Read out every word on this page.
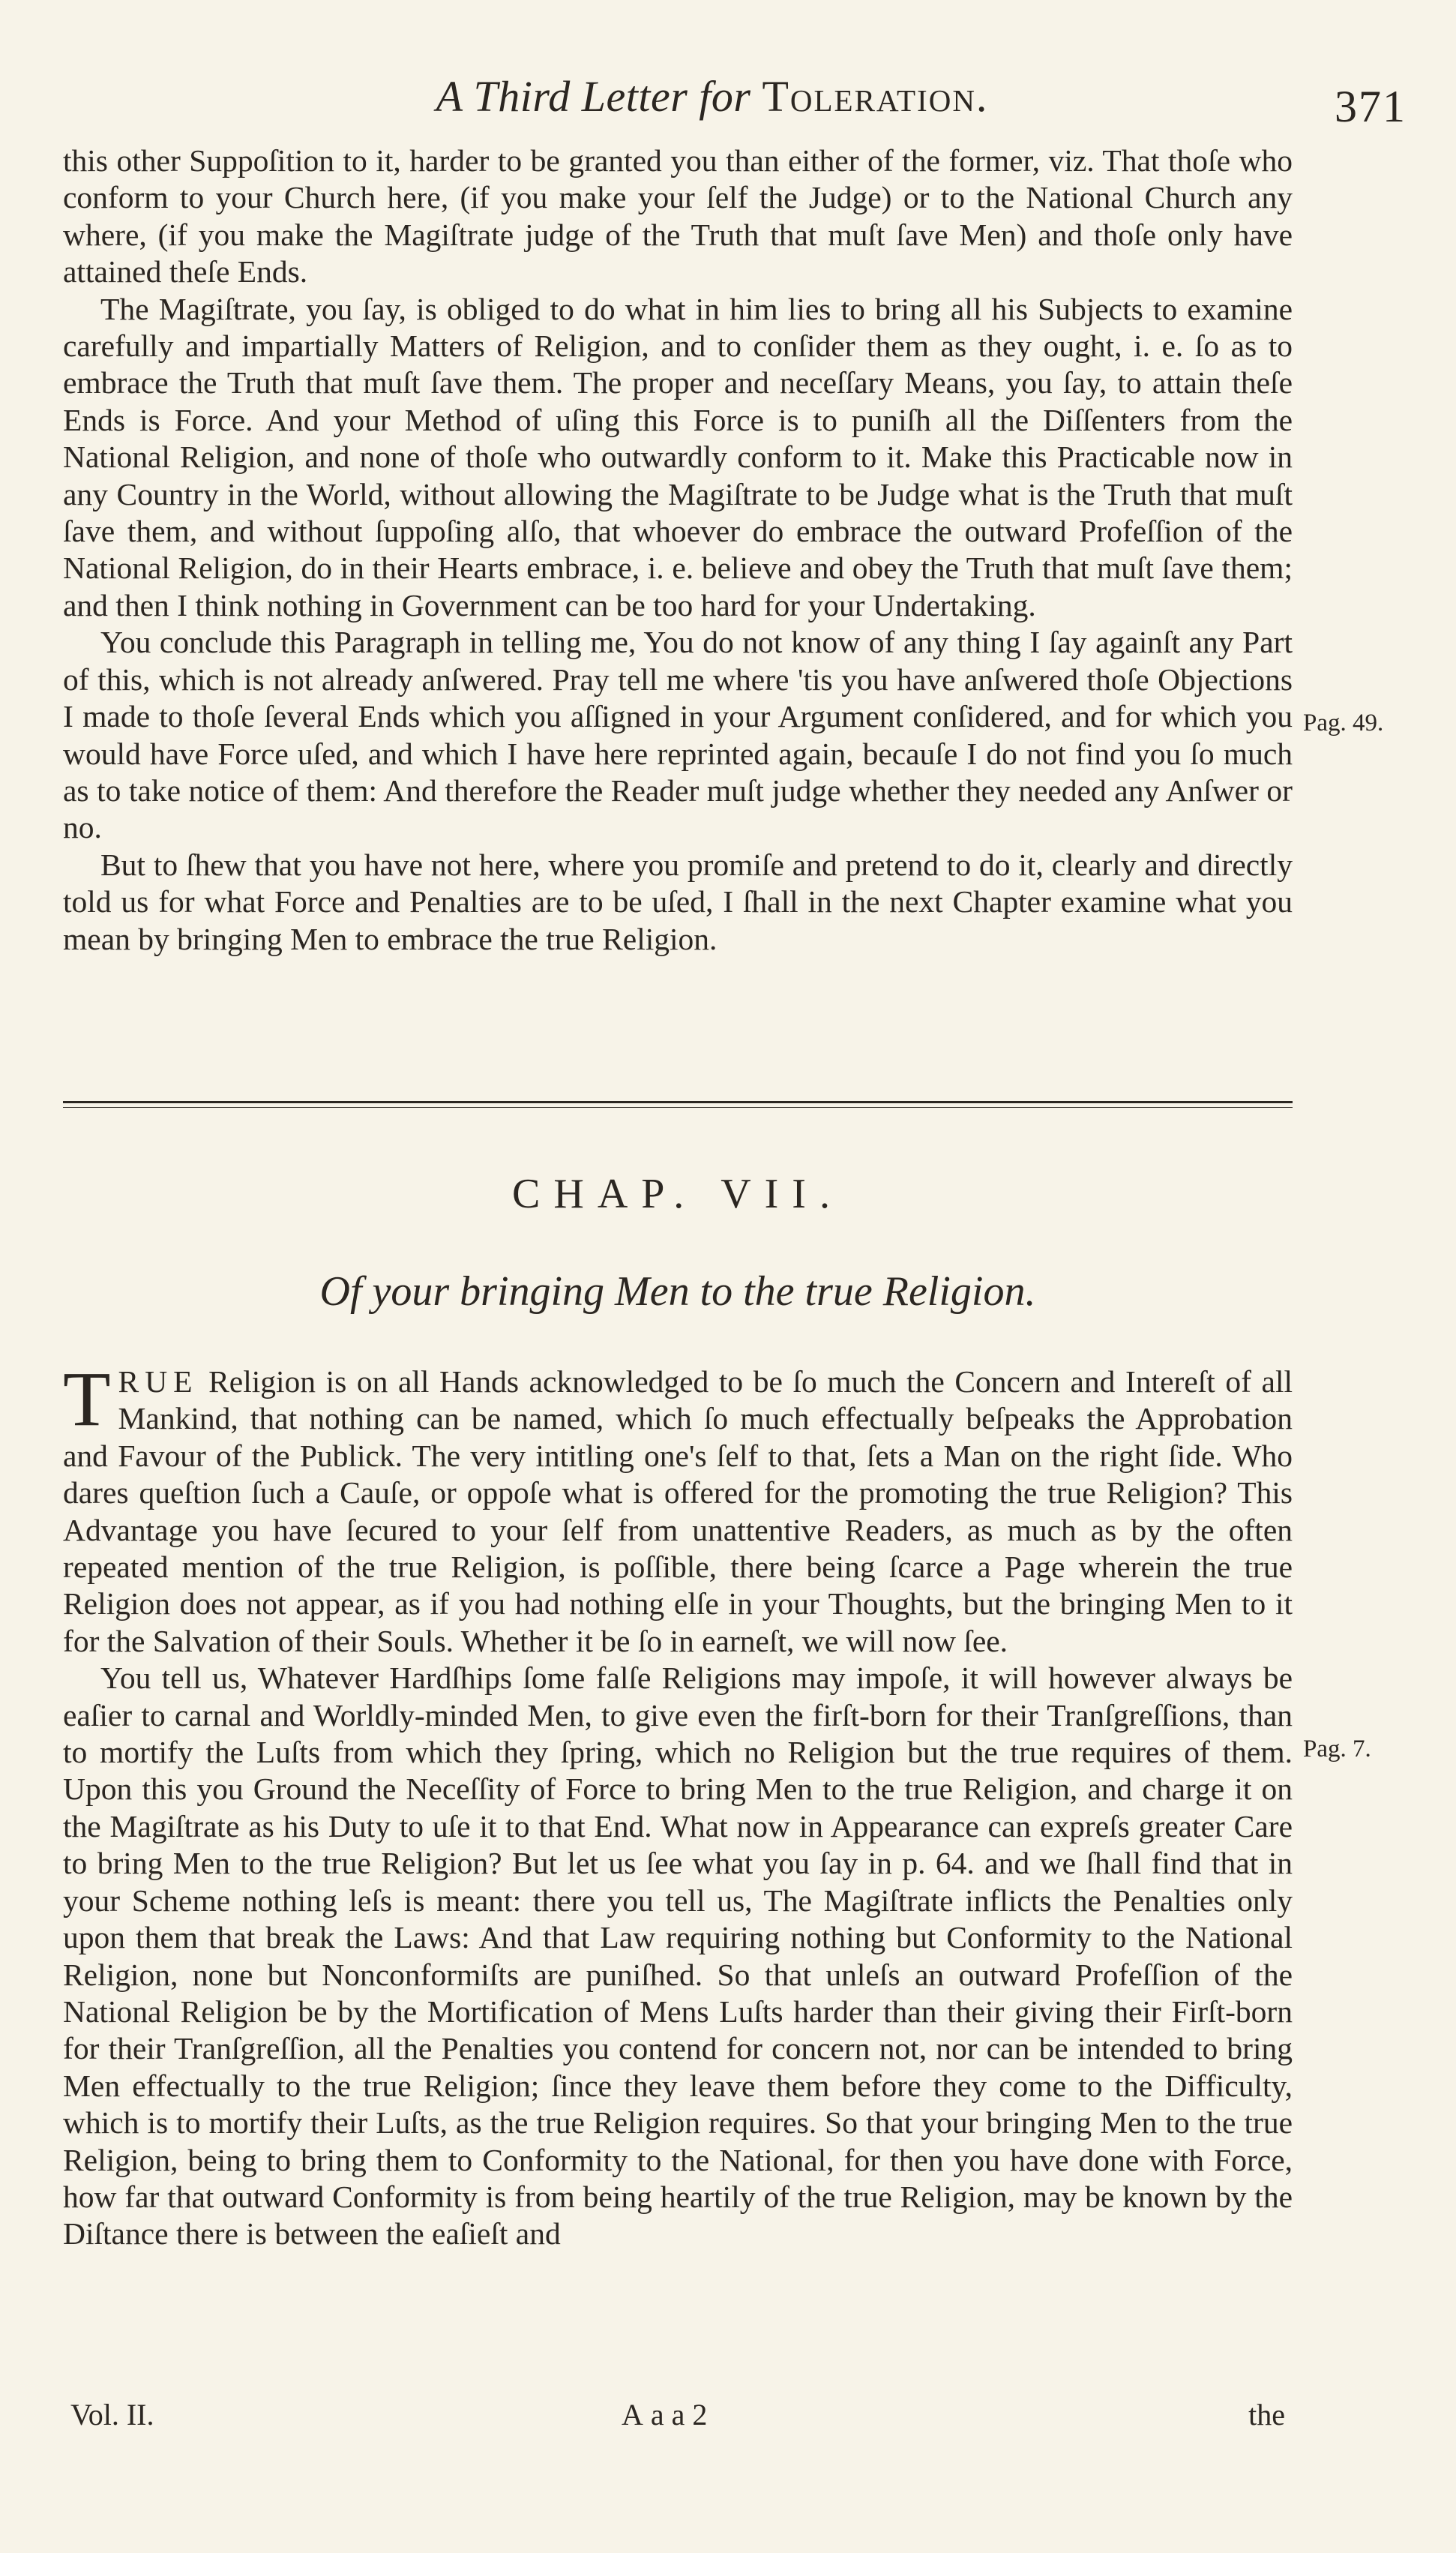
A Third Letter for Toleration.	371

this other Suppoſition to it, harder to be granted you than either of the former, viz. That thoſe who conform to your Church here, (if you make your ſelf the Judge) or to the National Church any where, (if you make the Magiſtrate judge of the Truth that muſt ſave Men) and thoſe only have attained theſe Ends.

The Magiſtrate, you ſay, is obliged to do what in him lies to bring all his Subjects to examine carefully and impartially Matters of Religion, and to conſider them as they ought, i. e. ſo as to embrace the Truth that muſt ſave them. The proper and neceſſary Means, you ſay, to attain theſe Ends is Force. And your Method of uſing this Force is to puniſh all the Diſſenters from the National Religion, and none of thoſe who outwardly conform to it. Make this Practicable now in any Country in the World, without allowing the Magiſtrate to be Judge what is the Truth that muſt ſave them, and without ſuppoſing alſo, that whoever do embrace the outward Profeſſion of the National Religion, do in their Hearts embrace, i. e. believe and obey the Truth that muſt ſave them; and then I think nothing in Government can be too hard for your Undertaking.

You conclude this Paragraph in telling me, You do not know of any thing I ſay againſt any Part of this, which is not already anſwered. Pray tell me where 'tis you have anſwered thoſe Objections I made to thoſe ſeveral Ends which you aſſigned in your Argument conſidered, and for which you would have Force uſed, and which I have here reprinted again, becauſe I do not find you ſo much as to take notice of them: And therefore the Reader muſt judge whether they needed any Anſwer or no.

But to ſhew that you have not here, where you promiſe and pretend to do it, clearly and directly told us for what Force and Penalties are to be uſed, I ſhall in the next Chapter examine what you mean by bringing Men to embrace the true Religion.

Pag. 49.
CHAP. VII.
Of your bringing Men to the true Religion.

T RUE Religion is on all Hands acknowledged to be ſo much the Concern and Intereſt of all Mankind, that nothing can be named, which ſo much effectually beſpeaks the Approbation and Favour of the Publick. The very intitling one's ſelf to that, ſets a Man on the right ſide. Who dares queſtion ſuch a Cauſe, or oppoſe what is offered for the promoting the true Religion? This Advantage you have ſecured to your ſelf from unattentive Readers, as much as by the often repeated mention of the true Religion, is poſſible, there being ſcarce a Page wherein the true Religion does not appear, as if you had nothing elſe in your Thoughts, but the bringing Men to it for the Salvation of their Souls. Whether it be ſo in earneſt, we will now ſee.

You tell us, Whatever Hardſhips ſome falſe Religions may impoſe, it will however always be eaſier to carnal and Worldly-minded Men, to give even the firſt-born for their Tranſgreſſions, than to mortify the Luſts from which they ſpring, which no Religion but the true requires of them. Upon this you Ground the Neceſſity of Force to bring Men to the true Religion, and charge it on the Magiſtrate as his Duty to uſe it to that End. What now in Appearance can expreſs greater Care to bring Men to the true Religion? But let us ſee what you ſay in p. 64. and we ſhall find that in your Scheme nothing leſs is meant: there you tell us, The Magiſtrate inflicts the Penalties only upon them that break the Laws: And that Law requiring nothing but Conformity to the National Religion, none but Nonconformiſts are puniſhed. So that unleſs an outward Profeſſion of the National Religion be by the Mortification of Mens Luſts harder than their giving their Firſt-born for their Tranſgreſſion, all the Penalties you contend for concern not, nor can be intended to bring Men effectually to the true Religion; ſince they leave them before they come to the Difficulty, which is to mortify their Luſts, as the true Religion requires. So that your bringing Men to the true Religion, being to bring them to Conformity to the National, for then you have done with Force, how far that outward Conformity is from being heartily of the true Religion, may be known by the Diſtance there is between the eaſieſt and

Pag. 7.
Vol. II.	Aaa2	the
